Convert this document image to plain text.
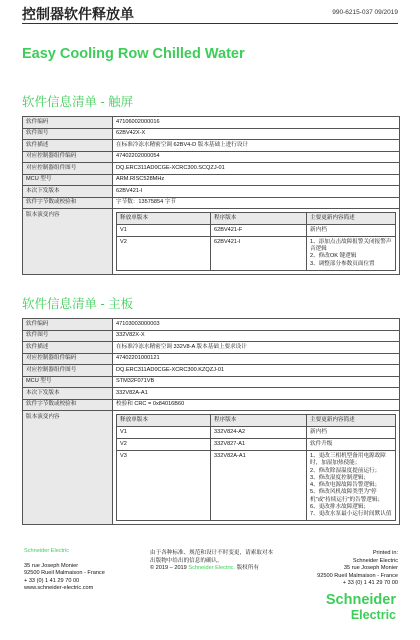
控制器软件释放单	990-6215-037 09/2019
Easy Cooling Row Chilled Water
软件信息清单 - 触屏
软件编码	47106002000016
软件图号	62BV42X-X
软件描述	在标准冷冻水精密空调 62BV4-D 版本基础上进行设计
对应控制器组件编码	47402202000054
对应控制器组件图号	DQ.ERC311AD0CGE-XCRC300.SCQZJ-01
MCU 型号	ARM.RISC528MHz
本次下发版本	62BV421-I
软件字节数或校验和	字节数：13575854 字节
版本演变内容		释放单版本	程序版本	主要更新内容简述
V1	62BV421-F	新内档

V2	62BV421-I	1、添加点击故障报警关闭报警声音逻辑
2、修改OK 键逻辑
3、调整部分参数页面位置
软件信息清单 - 主板
软件编码	47103003000003
软件图号	332V82X-X
软件描述	在标准冷冻水精密空调 332V8-A 版本基础上要求设计
对应控制器组件编码	47402201000121
对应控制器组件图号	DQ.ERC311AD0CGE-XCRC300.KZQZJ-01
MCU 型号	STM32F071VB
本次下发版本	332V82A-A1
软件字节数或校验和	校验和 CRC = 0x84016B60
版本演变内容		释放单版本	程序版本	主要更新内容简述
V1	332V824-A2	新内档

V2	332V827-A1	软件升级

V3	332V82A-A1	1、更改三相机型备用电源故障时，加湿加热使能；
2、修改除湿温度提前运行；
3、修改湿度控制逻辑；
4、修改电源故障告警逻辑；
5、修改风机故障类型为"停机"或"持续运行"的告警逻辑；
6、更改排水故障逻辑；
7、更改水泵最小运行时间默认值
Schneider Electric
35 rue Joseph Monier
92500 Rueil Malmaison - France
+ 33 (0) 1 41 29 70 00
www.schneider-electric.com
由于各种标准、规范和设计不时变更，请索取对本出版物中给出的信息的确认。
© 2019 – 2019 Schneider Electric. 版权所有
Printed in:
Schneider Electric
35 rue Joseph Monier
92500 Rueil Malmaison - France
+ 33 (0) 1 41 29 70 00
Schneider
Electric
